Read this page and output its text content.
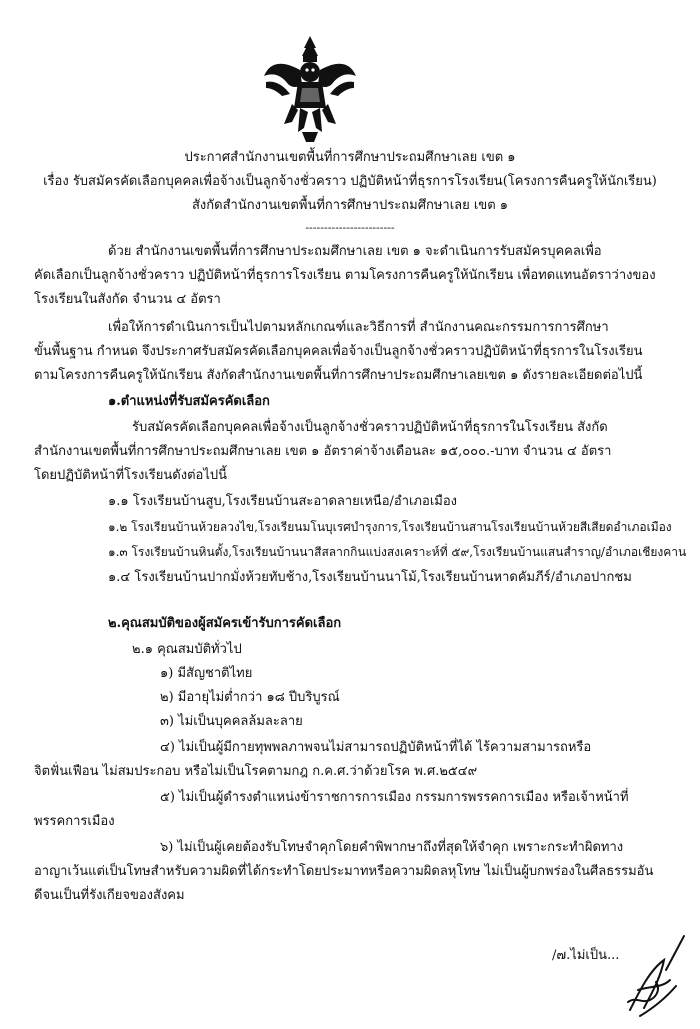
ประกาศสำนักงานเขตพื้นที่การศึกษาประถมศึกษาเลย เขต ๑
เรื่อง รับสมัครคัดเลือกบุคคลเพื่อจ้างเป็นลูกจ้างชั่วคราว ปฏิบัติหน้าที่ธุรการโรงเรียน(โครงการคืนครูให้นักเรียน)
สังกัดสำนักงานเขตพื้นที่การศึกษาประถมศึกษาเลย เขต ๑
------------------------
ด้วย สำนักงานเขตพื้นที่การศึกษาประถมศึกษาเลย เขต ๑ จะดำเนินการรับสมัครบุคคลเพื่อ
คัดเลือกเป็นลูกจ้างชั่วคราว ปฏิบัติหน้าที่ธุรการโรงเรียน ตามโครงการคืนครูให้นักเรียน เพื่อทดแทนอัตราว่างของ
โรงเรียนในสังกัด จำนวน ๔ อัตรา
เพื่อให้การดำเนินการเป็นไปตามหลักเกณฑ์และวิธีการที่ สำนักงานคณะกรรมการการศึกษา
ขั้นพื้นฐาน กำหนด จึงประกาศรับสมัครคัดเลือกบุคคลเพื่อจ้างเป็นลูกจ้างชั่วคราวปฏิบัติหน้าที่ธุรการในโรงเรียน
ตามโครงการคืนครูให้นักเรียน สังกัดสำนักงานเขตพื้นที่การศึกษาประถมศึกษาเลยเขต ๑ ดังรายละเอียดต่อไปนี้
๑.ตำแหน่งที่รับสมัครคัดเลือก
รับสมัครคัดเลือกบุคคลเพื่อจ้างเป็นลูกจ้างชั่วคราวปฏิบัติหน้าที่ธุรการในโรงเรียน สังกัด
สำนักงานเขตพื้นที่การศึกษาประถมศึกษาเลย เขต ๑ อัตราค่าจ้างเดือนละ ๑๕,๐๐๐.-บาท จำนวน ๔ อัตรา
โดยปฏิบัติหน้าที่โรงเรียนดังต่อไปนี้
๑.๑ โรงเรียนบ้านสูบ,โรงเรียนบ้านสะอาดลายเหนือ/อำเภอเมือง
๑.๒ โรงเรียนบ้านห้วยลวงไข,โรงเรียนมโนบุเรศบำรุงการ,โรงเรียนบ้านสานโรงเรียนบ้านห้วยสีเสียดอำเภอเมือง
๑.๓ โรงเรียนบ้านหินตั้ง,โรงเรียนบ้านนาสีสลากกินแบ่งสงเคราะห์ที่ ๕๙,โรงเรียนบ้านแสนสำราญ/อำเภอเชียงคาน
๑.๔ โรงเรียนบ้านปากมั่งห้วยทับช้าง,โรงเรียนบ้านนาโม้,โรงเรียนบ้านหาดคัมภีร์/อำเภอปากชม
๒.คุณสมบัติของผู้สมัครเข้ารับการคัดเลือก
๒.๑ คุณสมบัติทั่วไป
๑) มีสัญชาติไทย
๒) มีอายุไม่ต่ำกว่า ๑๘ ปีบริบูรณ์
๓) ไม่เป็นบุคคลล้มละลาย
๔) ไม่เป็นผู้มีกายทุพพลภาพจนไม่สามารถปฏิบัติหน้าที่ได้ ไร้ความสามารถหรือ
จิตฟั่นเฟือน ไม่สมประกอบ หรือไม่เป็นโรคตามกฎ ก.ค.ศ.ว่าด้วยโรค พ.ศ.๒๕๔๙
๕) ไม่เป็นผู้ดำรงตำแหน่งข้าราชการการเมือง กรรมการพรรคการเมือง หรือเจ้าหน้าที่
พรรคการเมือง
๖) ไม่เป็นผู้เคยต้องรับโทษจำคุกโดยคำพิพากษาถึงที่สุดให้จำคุก เพราะกระทำผิดทาง
อาญาเว้นแต่เป็นโทษสำหรับความผิดที่ได้กระทำโดยประมาทหรือความผิดลหุโทษ ไม่เป็นผู้บกพร่องในศีลธรรมอัน
ดีจนเป็นที่รังเกียจของสังคม
/๗.ไม่เป็น...
